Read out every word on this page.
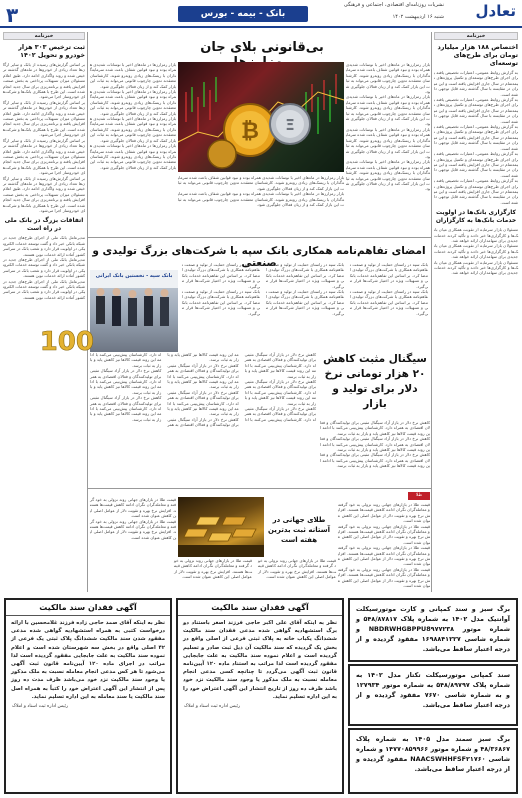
۳	تعادل
نشریات روزنامه‌ای اقتصادی، اجتماعی و فرهنگی
شنبه ۱۶ اردیبهشت ۱۴۰۲
بانک - بیمه - بورس
خبرنامه
ثبت ترخیص ۳۰۳ هزار خودرو و تحویل ۱۴۰۲
بر اساس گزارش‌های رسیده از بانک و سایر ارگان‌ها تعداد زیادی از خودروها در ماه‌های گذشته ترخیص شده و روند واگذاری ادامه دارد. طبق اعلام مسئولان میزان تسهیلات پرداختی به بخش صنعت افزایش یافته و برنامه‌ریزی برای سال جدید انجام شده است. این طرح با همکاری بانک‌ها و شرکت‌های خودروساز اجرا می‌شود.
بر اساس گزارش‌های رسیده از بانک و سایر ارگان‌ها تعداد زیادی از خودروها در ماه‌های گذشته ترخیص شده و روند واگذاری ادامه دارد. طبق اعلام مسئولان میزان تسهیلات پرداختی به بخش صنعت افزایش یافته و برنامه‌ریزی برای سال جدید انجام شده است. این طرح با همکاری بانک‌ها و شرکت‌های خودروساز اجرا می‌شود.
بر اساس گزارش‌های رسیده از بانک و سایر ارگان‌ها تعداد زیادی از خودروها در ماه‌های گذشته ترخیص شده و روند واگذاری ادامه دارد. طبق اعلام مسئولان میزان تسهیلات پرداختی به بخش صنعت افزایش یافته و برنامه‌ریزی برای سال جدید انجام شده است. این طرح با همکاری بانک‌ها و شرکت‌های خودروساز اجرا می‌شود.
بر اساس گزارش‌های رسیده از بانک و سایر ارگان‌ها تعداد زیادی از خودروها در ماه‌های گذشته ترخیص شده و روند واگذاری ادامه دارد. طبق اعلام مسئولان میزان تسهیلات پرداختی به بخش صنعت افزایش یافته و برنامه‌ریزی برای سال جدید انجام شده است. این طرح با همکاری بانک‌ها و شرکت‌های خودروساز اجرا می‌شود.
اتفاقات بزرگ در بانک ملی در راه است
مدیرعامل بانک ملی از اجرای طرح‌های جدید در شبکه بانکی خبر داد و گفت توسعه خدمات الکترونیکی در اولویت قرار دارد و شعب بانک در سراسر کشور آماده ارائه خدمات نوین هستند.
مدیرعامل بانک ملی از اجرای طرح‌های جدید در شبکه بانکی خبر داد و گفت توسعه خدمات الکترونیکی در اولویت قرار دارد و شعب بانک در سراسر کشور آماده ارائه خدمات نوین هستند.
مدیرعامل بانک ملی از اجرای طرح‌های جدید در شبکه بانکی خبر داد و گفت توسعه خدمات الکترونیکی در اولویت قرار دارد و شعب بانک در سراسر کشور آماده ارائه خدمات نوین هستند.
خبرنامه
اختصاص ۱۸۸ هزار میلیارد تومان برای طرح‌های توسعه‌ای
به گزارش روابط عمومی، اعتبارات تخصیص یافته برای اجرای طرح‌های توسعه‌ای و تکمیل پروژه‌های نیمه‌تمام در سال جاری افزایش یافته است و این میزان در مقایسه با سال گذشته رشد قابل توجهی داشته است.
به گزارش روابط عمومی، اعتبارات تخصیص یافته برای اجرای طرح‌های توسعه‌ای و تکمیل پروژه‌های نیمه‌تمام در سال جاری افزایش یافته است و این میزان در مقایسه با سال گذشته رشد قابل توجهی داشته است.
به گزارش روابط عمومی، اعتبارات تخصیص یافته برای اجرای طرح‌های توسعه‌ای و تکمیل پروژه‌های نیمه‌تمام در سال جاری افزایش یافته است و این میزان در مقایسه با سال گذشته رشد قابل توجهی داشته است.
به گزارش روابط عمومی، اعتبارات تخصیص یافته برای اجرای طرح‌های توسعه‌ای و تکمیل پروژه‌های نیمه‌تمام در سال جاری افزایش یافته است و این میزان در مقایسه با سال گذشته رشد قابل توجهی داشته است.
به گزارش روابط عمومی، اعتبارات تخصیص یافته برای اجرای طرح‌های توسعه‌ای و تکمیل پروژه‌های نیمه‌تمام در سال جاری افزایش یافته است و این میزان در مقایسه با سال گذشته رشد قابل توجهی داشته است.
کارگزاری بانک‌ها در اولویت خدمات بانک‌ها به کارگزاران
مسئولان بازار سرمایه از تقویت همکاری میان بانک‌ها و کارگزاری‌ها خبر دادند و تأکید کردند خدمات جدیدی برای سهامداران ارائه خواهد شد.
مسئولان بازار سرمایه از تقویت همکاری میان بانک‌ها و کارگزاری‌ها خبر دادند و تأکید کردند خدمات جدیدی برای سهامداران ارائه خواهد شد.
مسئولان بازار سرمایه از تقویت همکاری میان بانک‌ها و کارگزاری‌ها خبر دادند و تأکید کردند خدمات جدیدی برای سهامداران ارائه خواهد شد.
بی‌قانونی بلای جان
بازار رمزارزها در ماه‌های اخیر با نوسانات شدیدی همراه بوده و نبود قوانین شفاف باعث شده سرمایه‌گذاران با ریسک‌های زیادی روبه‌رو شوند. کارشناسان معتقدند تدوین چارچوب قانونی می‌تواند به ثبات این بازار کمک کند و از زیان فعالان جلوگیری شود.
بازار رمزارزها در ماه‌های اخیر با نوسانات شدیدی همراه بوده و نبود قوانین شفاف باعث شده سرمایه‌گذاران با ریسک‌های زیادی روبه‌رو شوند. کارشناسان معتقدند تدوین چارچوب قانونی می‌تواند به ثبات این بازار کمک کند و از زیان فعالان جلوگیری شود.
بازار رمزارزها در ماه‌های اخیر با نوسانات شدیدی همراه بوده و نبود قوانین شفاف باعث شده سرمایه‌گذاران با ریسک‌های زیادی روبه‌رو شوند. کارشناسان معتقدند تدوین چارچوب قانونی می‌تواند به ثبات این بازار کمک کند و از زیان فعالان جلوگیری شود.
بازار رمزارزها در ماه‌های اخیر با نوسانات شدیدی همراه بوده و نبود قوانین شفاف باعث شده سرمایه‌گذاران با ریسک‌های زیادی روبه‌رو شوند. کارشناسان معتقدند تدوین چارچوب قانونی می‌تواند به ثبات این بازار کمک کند و از زیان فعالان جلوگیری شود.
بازار رمزارزها در ماه‌های اخیر با نوسانات شدیدی همراه بوده و نبود قوانین شفاف باعث شده سرمایه‌گذاران با ریسک‌های زیادی روبه‌رو شوند. کارشناسان معتقدند تدوین چارچوب قانونی می‌تواند به ثبات این بازار کمک کند و از زیان فعالان جلوگیری شود.
بازار رمزارزها در ماه‌های اخیر با نوسانات شدیدی همراه بوده و نبود قوانین شفاف باعث شده سرمایه‌گذاران با ریسک‌های زیادی روبه‌رو شوند. کارشناسان معتقدند تدوین چارچوب قانونی می‌تواند به ثبات این بازار کمک کند و از زیان فعالان جلوگیری شود.
بازار رمزارزها در ماه‌های اخیر با نوسانات شدیدی همراه بوده و نبود قوانین شفاف باعث شده سرمایه‌گذاران با ریسک‌های زیادی روبه‌رو شوند. کارشناسان معتقدند تدوین چارچوب قانونی می‌تواند به ثبات این بازار کمک کند و از زیان فعالان جلوگیری شود.
بازار رمزارزها در ماه‌های اخیر با نوسانات شدیدی همراه بوده و نبود قوانین شفاف باعث شده سرمایه‌گذاران با ریسک‌های زیادی روبه‌رو شوند. کارشناسان معتقدند تدوین چارچوب قانونی می‌تواند به ثبات این بازار کمک کند و از زیان فعالان جلوگیری شود.
بازار رمزارزها در ماه‌های اخیر با نوسانات شدیدی همراه بوده و نبود قوانین شفاف باعث شده سرمایه‌گذاران با ریسک‌های زیادی روبه‌رو شوند. کارشناسان معتقدند تدوین چارچوب قانونی می‌تواند به ثبات این بازار کمک کند و از زیان فعالان جلوگیری شود.
بازار رمزارزها در ماه‌های اخیر با نوسانات شدیدی همراه بوده و نبود قوانین شفاف باعث شده سرمایه‌گذاران با ریسک‌های زیادی روبه‌رو شوند. کارشناسان معتقدند تدوین چارچوب قانونی می‌تواند به ثبات این بازار کمک کند و از زیان فعالان جلوگیری شود.
₿ Ξ
امضای تفاهم‌نامه همکاری بانک سپه با شرکت‌های بزرگ تولیدی و صنعتی
100
بانک سپه - نخستین بانک ایرانی
بانک سپه در راستای حمایت از تولید و صنعت تفاهم‌نامه همکاری با شرکت‌های بزرگ تولیدی امضا کرد. بر اساس این تفاهم‌نامه خدمات بانکی و تسهیلات ویژه در اختیار شرکت‌ها قرار می‌گیرد.
بانک سپه در راستای حمایت از تولید و صنعت تفاهم‌نامه همکاری با شرکت‌های بزرگ تولیدی امضا کرد. بر اساس این تفاهم‌نامه خدمات بانکی و تسهیلات ویژه در اختیار شرکت‌ها قرار می‌گیرد.
بانک سپه در راستای حمایت از تولید و صنعت تفاهم‌نامه همکاری با شرکت‌های بزرگ تولیدی امضا کرد. بر اساس این تفاهم‌نامه خدمات بانکی و تسهیلات ویژه در اختیار شرکت‌ها قرار می‌گیرد.
بانک سپه در راستای حمایت از تولید و صنعت تفاهم‌نامه همکاری با شرکت‌های بزرگ تولیدی امضا کرد. بر اساس این تفاهم‌نامه خدمات بانکی و تسهیلات ویژه در اختیار شرکت‌ها قرار می‌گیرد.
بانک سپه در راستای حمایت از تولید و صنعت تفاهم‌نامه همکاری با شرکت‌های بزرگ تولیدی امضا کرد. بر اساس این تفاهم‌نامه خدمات بانکی و تسهیلات ویژه در اختیار شرکت‌ها قرار می‌گیرد.
بانک سپه در راستای حمایت از تولید و صنعت تفاهم‌نامه همکاری با شرکت‌های بزرگ تولیدی امضا کرد. بر اساس این تفاهم‌نامه خدمات بانکی و تسهیلات ویژه در اختیار شرکت‌ها قرار می‌گیرد.
سیگنال مثبت کاهش ۲۰ هزار تومانی نرخ دلار برای تولید و بازار
کاهش نرخ دلار در بازار آزاد سیگنال مثبتی برای تولیدکنندگان و فعالان اقتصادی به همراه دارد. کارشناسان پیش‌بینی می‌کنند با ادامه این روند قیمت کالاها نیز کاهش یابد و بازار به ثبات برسد.
کاهش نرخ دلار در بازار آزاد سیگنال مثبتی برای تولیدکنندگان و فعالان اقتصادی به همراه دارد. کارشناسان پیش‌بینی می‌کنند با ادامه این روند قیمت کالاها نیز کاهش یابد و بازار به ثبات برسد.
کاهش نرخ دلار در بازار آزاد سیگنال مثبتی برای تولیدکنندگان و فعالان اقتصادی به همراه دارد. کارشناسان پیش‌بینی می‌کنند با ادامه این روند قیمت کالاها نیز کاهش یابد و بازار به ثبات برسد.
کاهش نرخ دلار در بازار آزاد سیگنال مثبتی برای تولیدکنندگان و فعالان اقتصادی به همراه دارد. کارشناسان پیش‌بینی می‌کنند با ادامه این روند قیمت کالاها نیز کاهش یابد و بازار به ثبات برسد.
کاهش نرخ دلار در بازار آزاد سیگنال مثبتی برای تولیدکنندگان و فعالان اقتصادی به همراه دارد. کارشناسان پیش‌بینی می‌کنند با ادامه این روند قیمت کالاها نیز کاهش یابد و بازار به ثبات برسد.
کاهش نرخ دلار در بازار آزاد سیگنال مثبتی برای تولیدکنندگان و فعالان اقتصادی به همراه دارد. کارشناسان پیش‌بینی می‌کنند با ادامه این روند قیمت کالاها نیز کاهش یابد و بازار به ثبات برسد.
کاهش نرخ دلار در بازار آزاد سیگنال مثبتی برای تولیدکنندگان و فعالان اقتصادی به همراه دارد. کارشناسان پیش‌بینی می‌کنند با ادامه این روند قیمت کالاها نیز کاهش یابد و بازار به ثبات برسد.
کاهش نرخ دلار در بازار آزاد سیگنال مثبتی برای تولیدکنندگان و فعالان اقتصادی به همراه دارد. کارشناسان پیش‌بینی می‌کنند با ادامه این روند قیمت کالاها نیز کاهش یابد و بازار به ثبات برسد.
کاهش نرخ دلار در بازار آزاد سیگنال مثبتی برای تولیدکنندگان و فعالان اقتصادی به همراه دارد. کارشناسان پیش‌بینی می‌کنند با ادامه این روند قیمت کالاها نیز کاهش یابد و بازار به ثبات برسد.
کاهش نرخ دلار در بازار آزاد سیگنال مثبتی برای تولیدکنندگان و فعالان اقتصادی به همراه دارد. کارشناسان پیش‌بینی می‌کنند با ادامه این روند قیمت کالاها نیز کاهش یابد و بازار به ثبات برسد.
کاهش نرخ دلار در بازار آزاد سیگنال مثبتی برای تولیدکنندگان و فعالان اقتصادی به همراه دارد. کارشناسان پیش‌بینی می‌کنند با ادامه این روند قیمت کالاها نیز کاهش یابد و بازار به ثبات برسد.
طلا
طلای جهانی در آستانه ثبت بدترین هفته است
قیمت طلا در بازارهای جهانی روند نزولی به خود گرفته و معامله‌گران نگران ادامه کاهش قیمت‌ها هستند. افزایش نرخ بهره و تقویت دلار از عوامل اصلی این کاهش عنوان شده است.
قیمت طلا در بازارهای جهانی روند نزولی به خود گرفته و معامله‌گران نگران ادامه کاهش قیمت‌ها هستند. افزایش نرخ بهره و تقویت دلار از عوامل اصلی این کاهش عنوان شده است.
قیمت طلا در بازارهای جهانی روند نزولی به خود گرفته و معامله‌گران نگران ادامه کاهش قیمت‌ها هستند. افزایش نرخ بهره و تقویت دلار از عوامل اصلی این کاهش عنوان شده است.
قیمت طلا در بازارهای جهانی روند نزولی به خود گرفته و معامله‌گران نگران ادامه کاهش قیمت‌ها هستند. افزایش نرخ بهره و تقویت دلار از عوامل اصلی این کاهش عنوان شده است.
قیمت طلا در بازارهای جهانی روند نزولی به خود گرفته و معامله‌گران نگران ادامه کاهش قیمت‌ها هستند. افزایش نرخ بهره و تقویت دلار از عوامل اصلی این کاهش عنوان شده است.
قیمت طلا در بازارهای جهانی روند نزولی به خود گرفته و معامله‌گران نگران ادامه کاهش قیمت‌ها هستند. افزایش نرخ بهره و تقویت دلار از عوامل اصلی این کاهش عنوان شده است.
قیمت طلا در بازارهای جهانی روند نزولی به خود گرفته و معامله‌گران نگران ادامه کاهش قیمت‌ها هستند. افزایش نرخ بهره و تقویت دلار از عوامل اصلی این کاهش عنوان شده است.
قیمت طلا در بازارهای جهانی روند نزولی به خود گرفته و معامله‌گران نگران ادامه کاهش قیمت‌ها هستند. افزایش نرخ بهره و تقویت دلار از عوامل اصلی این کاهش عنوان شده است.
برگ سبز و سند کمپانی و کارت موتورسیکلت آوانتیک مدل ۱۴۰۲ به شماره پلاک ۵۴۸/۸۷۸۱۷ و شماره موتور NBDRWHGBPPU8۹۷۷۲۳۸ و شماره شاسی ۱۶۹۸۸۴۱۲۲۷ مفقود گردیده و از درجه اعتبار ساقط می‌باشد.
سند کمپانی موتورسیکلت تکتاز مدل ۱۴۰۲ به شماره پلاک ۵۴۸/۸۹۷۹۷ به شماره موتور ۱۲۷۹۳۴ و به شماره شاسی ۷۶۷۰ مفقود گردیده و از درجه اعتبار ساقط می‌باشد.
برگ سبز سمند مدل ۱۴۰۵ به شماره پلاک ۴۸/۳۶۸۶۷ و شماره موتور ۱۴۷۷۰۸۵۹۹۶۶ و شماره شاسی NAACSWHHFSF۲۱۷۶۰ مفقود گردیده و از درجه اعتبار ساقط می‌باشد.
آگهی فقدان سند مالکیت
نظر به اینکه آقای علی اکبر حاجی فرزند اصغر باستناد دو برگ استشهادیه گواهی شده مدعی فقدان سند مالکیت ششدانگ یکباب خانه به پلاک ثبتی فرعی از اصلی واقع در بخش یک گردیده که سند مالکیت آن ذیل ثبت صادر و تسلیم گردیده است و اعلام نموده سند مالکیت به علت جابجایی مفقود گردیده است لذا مراتب به استناد ماده ۱۲۰ آیین‌نامه قانون ثبت آگهی می‌گردد تا چنانچه کسی مدعی انجام معامله نسبت به ملک مذکور یا وجود سند مالکیت نزد خود باشد ظرف ده روز از تاریخ انتشار این آگهی اعتراض خود را به این اداره تسلیم نماید.
رئیس اداره ثبت اسناد و املاک
آگهی فقدان سند مالکیت
نظر به اینکه آقای صمد حاجی زاده فرزند غلامحسین با ارائه درخواست کتبی به همراه استشهادیه گواهی شده مدعی مفقود شدن سند مالکیت ششدانگ پلاک ثبتی یک فرعی از ۴۲ اصلی واقع در بخش سه شهرستان شده است و اعلام نموده سند مالکیت به علت جابجایی مفقود گردیده است لذا مراتب در اجرای ماده ۱۲۰ آیین‌نامه قانون ثبت آگهی می‌شود تا هر کس مدعی انجام معامله نسبت به ملک مذکور یا وجود سند مالکیت نزد خود می‌باشد ظرف مدت ده روز پس از انتشار این آگهی اعتراض خود را کتباً به همراه اصل سند مالکیت یا سند معامله به این اداره تسلیم نماید.
رئیس اداره ثبت اسناد و املاک
